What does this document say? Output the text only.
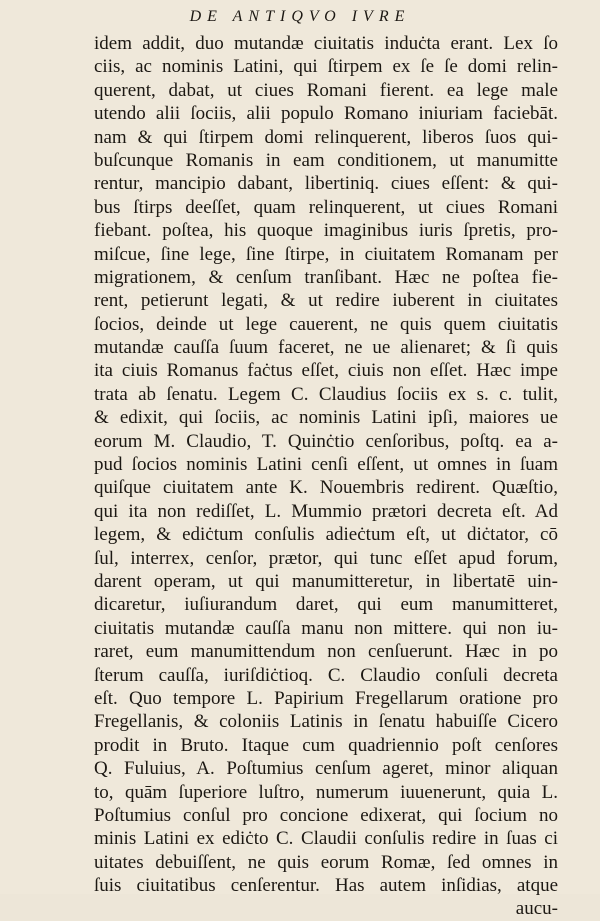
DE ANTIQVO IVRE
idem addit, duo mutandæ ciuitatis induċta erant. Lex ſo
ciis, ac nominis Latini, qui ſtirpem ex ſe ſe domi relin-
querent, dabat, ut ciues Romani fierent. ea lege male
utendo alii ſociis, alii populo Romano iniuriam faciebāt.
nam & qui ſtirpem domi relinquerent, liberos ſuos qui-
buſcunque Romanis in eam conditionem, ut manumitte
rentur, mancipio dabant, libertiniq. ciues eſſent: & qui-
bus ſtirps deeſſet, quam relinquerent, ut ciues Romani
fiebant. poſtea, his quoque imaginibus iuris ſpretis, pro-
miſcue, ſine lege, ſine ſtirpe, in ciuitatem Romanam per
migrationem, & cenſum tranſibant. Hæc ne poſtea fie-
rent, petierunt legati, & ut redire iuberent in ciuitates
ſocios, deinde ut lege cauerent, ne quis quem ciuitatis
mutandæ cauſſa ſuum faceret, ne ue alienaret; & ſi quis
ita ciuis Romanus faċtus eſſet, ciuis non eſſet. Hæc impe
trata ab ſenatu. Legem C. Claudius ſociis ex s. c. tulit,
& edixit, qui ſociis, ac nominis Latini ipſi, maiores ue
eorum M. Claudio, T. Quinċtio cenſoribus, poſtq. ea a-
pud ſocios nominis Latini cenſi eſſent, ut omnes in ſuam
quiſque ciuitatem ante K. Nouembris redirent. Quæſtio,
qui ita non rediſſet, L. Mummio prætori decreta eſt. Ad
legem, & ediċtum conſulis adieċtum eſt, ut diċtator, cō
ſul, interrex, cenſor, prætor, qui tunc eſſet apud forum,
darent operam, ut qui manumitteretur, in libertatē uin-
dicaretur, iuſiurandum daret, qui eum manumitteret,
ciuitatis mutandæ cauſſa manu non mittere. qui non iu-
raret, eum manumittendum non cenſuerunt. Hæc in po
ſterum cauſſa, iuriſdiċtioq. C. Claudio conſuli decreta
eſt. Quo tempore L. Papirium Fregellarum oratione pro
Fregellanis, & coloniis Latinis in ſenatu habuiſſe Cicero
prodit in Bruto. Itaque cum quadriennio poſt cenſores
Q. Fuluius, A. Poſtumius cenſum ageret, minor aliquan
to, quām ſuperiore luſtro, numerum iuuenerunt, quia L.
Poſtumius conſul pro concione edixerat, qui ſocium no
minis Latini ex ediċto C. Claudii conſulis redire in ſuas ci
uitates debuiſſent, ne quis eorum Romæ, ſed omnes in
ſuis ciuitatibus cenſerentur. Has autem inſidias, atque
aucu-
